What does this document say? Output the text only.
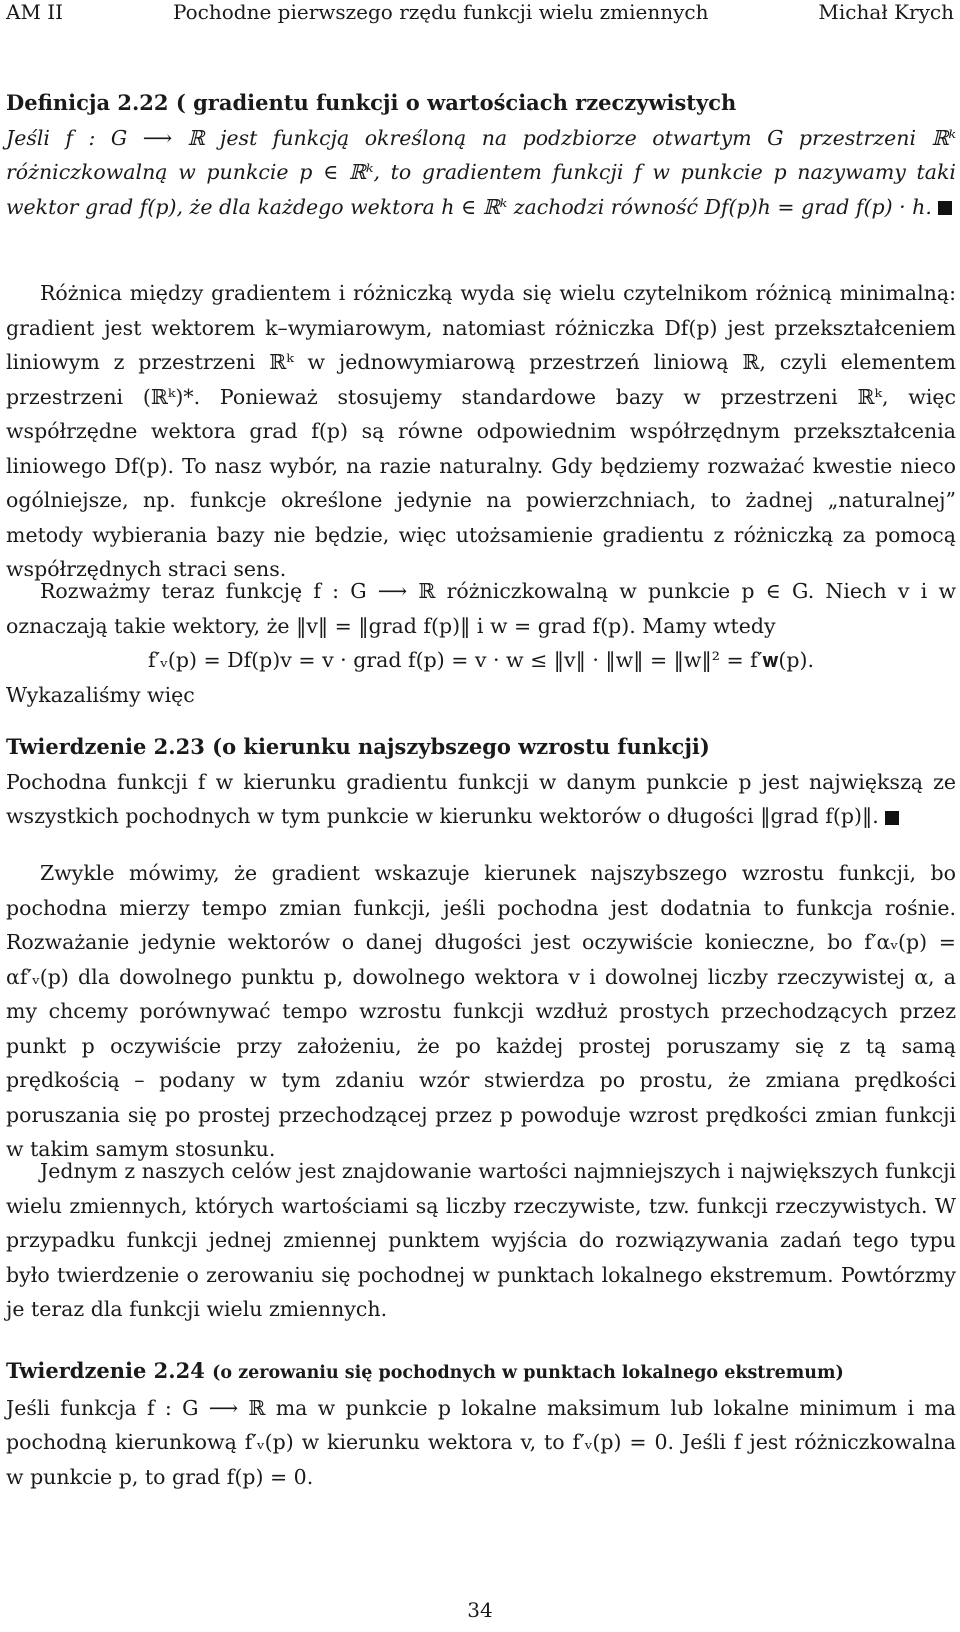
AM II	Pochodne pierwszego rzędu funkcji wielu zmiennych	Michał Krych

Definicja 2.22 ( gradientu funkcji o wartościach rzeczywistych

Jeśli f : G ⟶ ℝ jest funkcją określoną na podzbiorze otwartym G przestrzeni ℝᵏ różniczkowalną w punkcie p ∈ ℝᵏ, to gradientem funkcji f w punkcie p nazywamy taki wektor grad f(p), że dla każdego wektora h ∈ ℝᵏ zachodzi równość Df(p)h = grad f(p) · h.

Różnica między gradientem i różniczką wyda się wielu czytelnikom różnicą minimalną: gradient jest wektorem k–wymiarowym, natomiast różniczka Df(p) jest przekształceniem liniowym z przestrzeni ℝᵏ w jednowymiarową przestrzeń liniową ℝ, czyli elementem przestrzeni (ℝᵏ)*. Ponieważ stosujemy standardowe bazy w przestrzeni ℝᵏ, więc współrzędne wektora grad f(p) są równe odpowiednim współrzędnym przekształcenia liniowego Df(p). To nasz wybór, na razie naturalny. Gdy będziemy rozważać kwestie nieco ogólniejsze, np. funkcje określone jedynie na powierzchniach, to żadnej „naturalnej” metody wybierania bazy nie będzie, więc utożsamienie gradientu z różniczką za pomocą współrzędnych straci sens.

Rozważmy teraz funkcję f : G ⟶ ℝ różniczkowalną w punkcie p ∈ G. Niech v i w oznaczają takie wektory, że ‖v‖ = ‖grad f(p)‖ i w = grad f(p). Mamy wtedy

f′ᵥ(p) = Df(p)v = v · grad f(p) = v · w ≤ ‖v‖ · ‖w‖ = ‖w‖² = f′𝐰(p).

Wykazaliśmy więc

Twierdzenie 2.23 (o kierunku najszybszego wzrostu funkcji)

Pochodna funkcji f w kierunku gradientu funkcji w danym punkcie p jest największą ze wszystkich pochodnych w tym punkcie w kierunku wektorów o długości ‖grad f(p)‖.

Zwykle mówimy, że gradient wskazuje kierunek najszybszego wzrostu funkcji, bo pochodna mierzy tempo zmian funkcji, jeśli pochodna jest dodatnia to funkcja rośnie. Rozważanie jedynie wektorów o danej długości jest oczywiście konieczne, bo f′αᵥ(p) = αf′ᵥ(p) dla dowolnego punktu p, dowolnego wektora v i dowolnej liczby rzeczywistej α, a my chcemy porównywać tempo wzrostu funkcji wzdłuż prostych przechodzących przez punkt p oczywiście przy założeniu, że po każdej prostej poruszamy się z tą samą prędkością – podany w tym zdaniu wzór stwierdza po prostu, że zmiana prędkości poruszania się po prostej przechodzącej przez p powoduje wzrost prędkości zmian funkcji w takim samym stosunku.

Jednym z naszych celów jest znajdowanie wartości najmniejszych i największych funkcji wielu zmiennych, których wartościami są liczby rzeczywiste, tzw. funkcji rzeczywistych. W przypadku funkcji jednej zmiennej punktem wyjścia do rozwiązywania zadań tego typu było twierdzenie o zerowaniu się pochodnej w punktach lokalnego ekstremum. Powtórzmy je teraz dla funkcji wielu zmiennych.

Twierdzenie 2.24 (o zerowaniu się pochodnych w punktach lokalnego ekstremum)

Jeśli funkcja f : G ⟶ ℝ ma w punkcie p lokalne maksimum lub lokalne minimum i ma pochodną kierunkową f′ᵥ(p) w kierunku wektora v, to f′ᵥ(p) = 0. Jeśli f jest różniczkowalna w punkcie p, to grad f(p) = 0.

34
